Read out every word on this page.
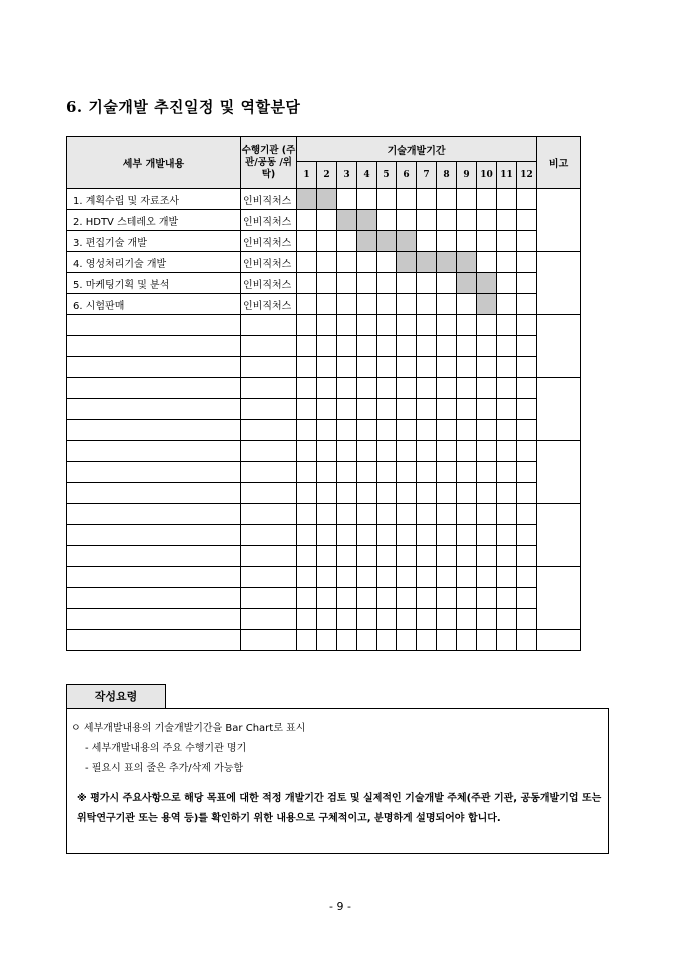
6. 기술개발 추진일정 및 역할분담
세부 개발내용	수행기관 (주관/공동 /위탁)	기술개발기간												비고
		1	2	3	4	5	6	7	8	9	10	11	12	
1. 계획수립 및 자료조사	인비직처스													
2. HDTV 스테레오 개발	인비직처스													
3. 편집기술 개발	인비직처스													
4. 영성처리기술 개발	인비직처스													
5. 마케팅기획 및 분석	인비직처스													
6. 시험판매	인비직처스													

작성요령
ㅇ 세부개발내용의 기술개발기간을 Bar Chart로 표시
- 세부개발내용의 주요 수행기관 명기
- 필요시 표의 줄은 추가/삭제 가능함
※ 평가시 주요사항으로 해당 목표에 대한 적정 개발기간 검토 및 실제적인 기술개발 주체(주관 기관, 공동개발기업 또는 위탁연구기관 또는 용역 등)를 확인하기 위한 내용으로 구체적이고, 분명하게 설명되어야 합니다.
- 9 -
